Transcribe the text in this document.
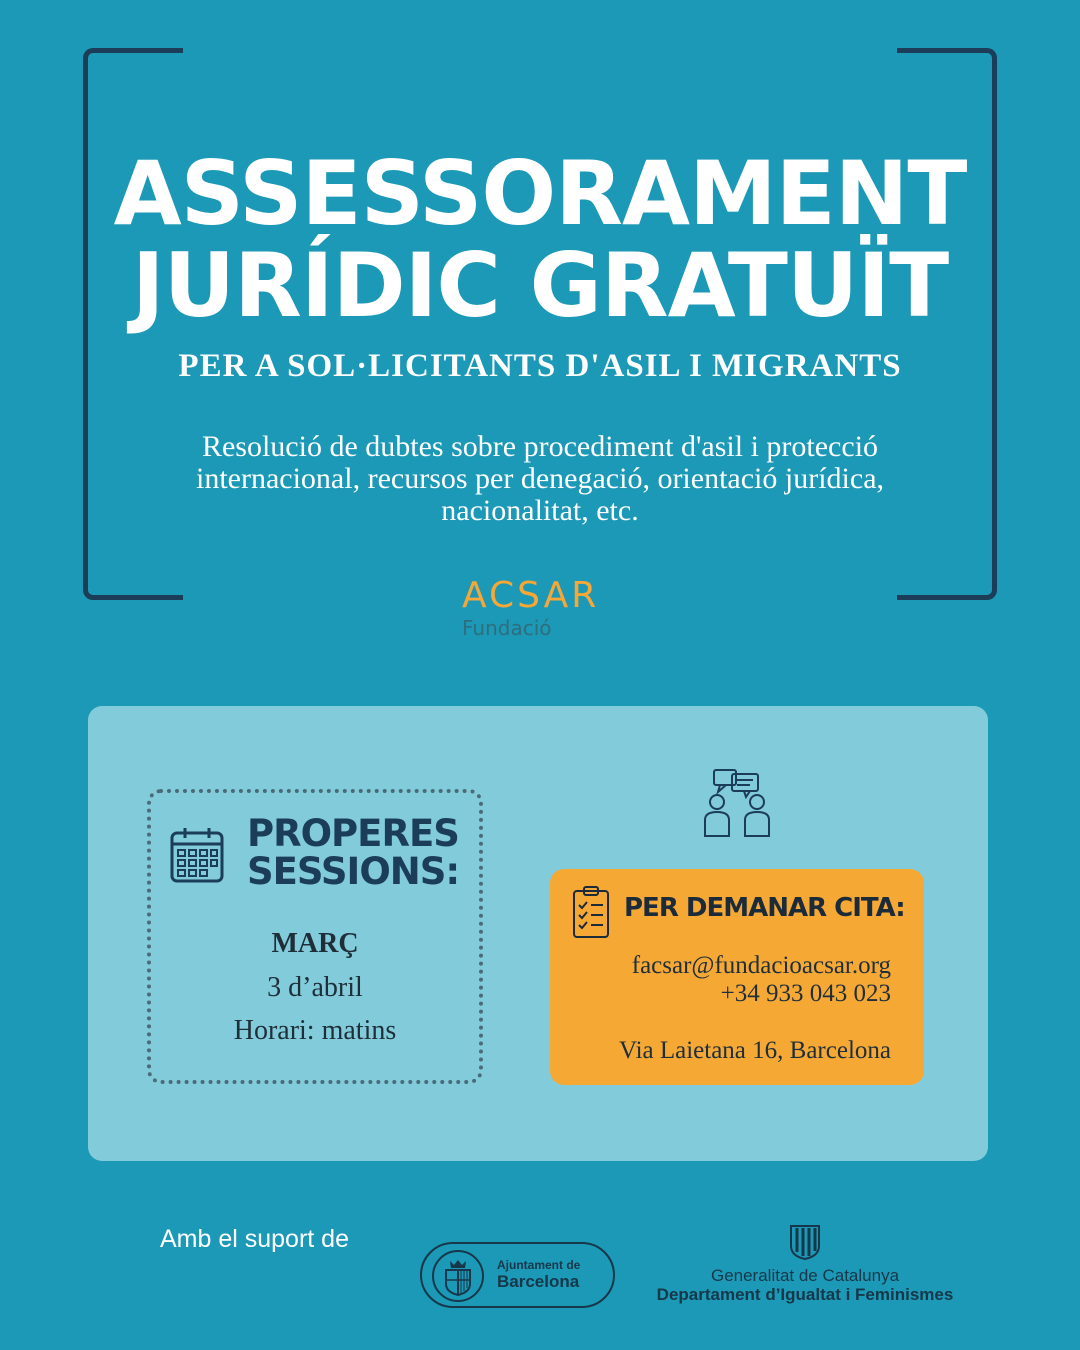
ASSESSORAMENT
JURÍDIC GRATUÏT
PER A SOL·LICITANTS D'ASIL I MIGRANTS
Resolució de dubtes sobre procediment d'asil i protecció
internacional, recursos per denegació, orientació jurídica,
nacionalitat, etc.
ACSAR
Fundació
PROPERES
SESSIONS:
MARÇ
3 d’abril
Horari: matins
PER DEMANAR CITA:
facsar@fundacioacsar.org
+34 933 043 023
Via Laietana 16, Barcelona
Amb el suport de
Ajuntament de
Barcelona	Generalitat de Catalunya
Departament d’Igualtat i Feminismes
